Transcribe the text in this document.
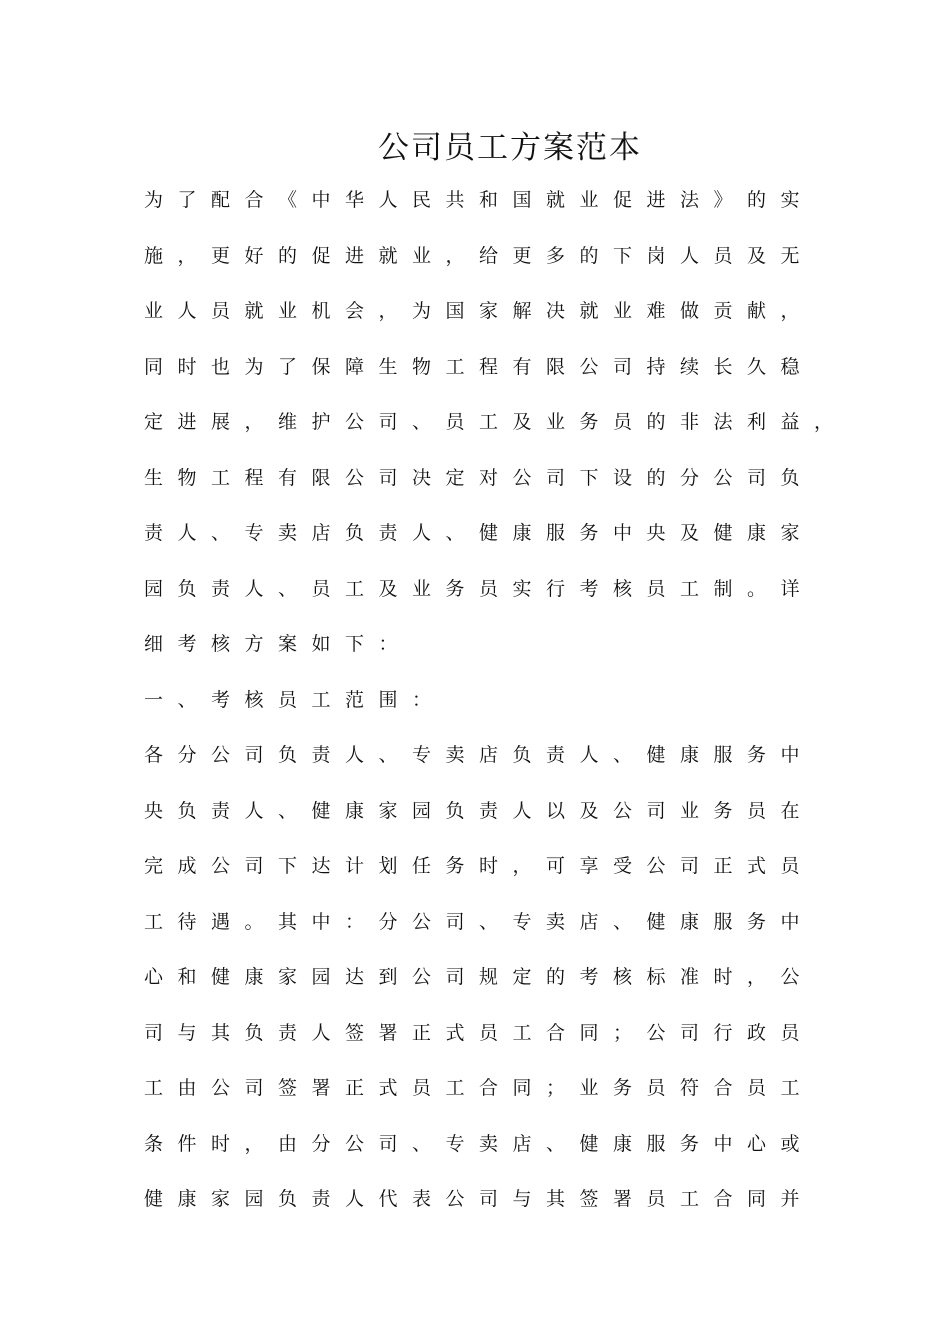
公司员工方案范本
为了配合《中华人民共和国就业促进法》的实
施，更好的促进就业，给更多的下岗人员及无
业人员就业机会，为国家解决就业难做贡献，
同时也为了保障生物工程有限公司持续长久稳
定进展，维护公司、员工及业务员的非法利益，
生物工程有限公司决定对公司下设的分公司负
责人、专卖店负责人、健康服务中央及健康家
园负责人、员工及业务员实行考核员工制。详
细考核方案如下：
一、考核员工范围：
各分公司负责人、专卖店负责人、健康服务中
央负责人、健康家园负责人以及公司业务员在
完成公司下达计划任务时，可享受公司正式员
工待遇。其中：分公司、专卖店、健康服务中
心和健康家园达到公司规定的考核标准时，公
司与其负责人签署正式员工合同；公司行政员
工由公司签署正式员工合同；业务员符合员工
条件时，由分公司、专卖店、健康服务中心或
健康家园负责人代表公司与其签署员工合同并
